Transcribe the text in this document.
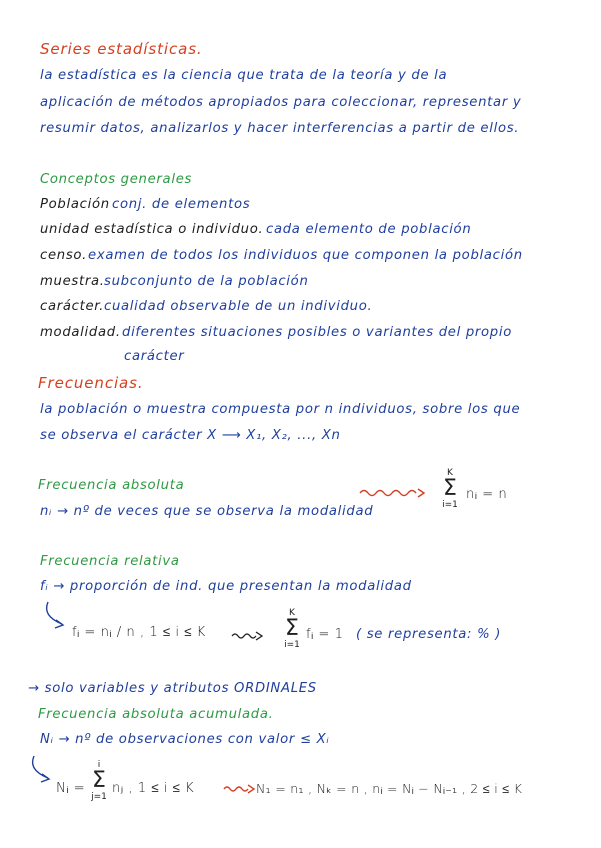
Series estadísticas.
la estadística es la ciencia que trata de la teoría y de la
aplicación de métodos apropiados para coleccionar, representar y
resumir datos, analizarlos y hacer interferencias a partir de ellos.
Conceptos generales
Población conj. de elementos
unidad estadística o individuo. cada elemento de población
censo. examen de todos los individuos que componen la población
muestra. subconjunto de la población
carácter. cualidad observable de un individuo.
modalidad. diferentes situaciones posibles o variantes del propio
carácter
Frecuencias.
la población o muestra compuesta por n individuos, sobre los que
se observa el carácter X ⟶ X₁, X₂, ..., Xn
Frecuencia absoluta
nᵢ → nº de veces que se observa la modalidad
K
Σ
i=1
nᵢ = n
Frecuencia relativa
fᵢ → proporción de ind. que presentan la modalidad
fᵢ = nᵢ / n , 1 ≤ i ≤ K
K
Σ
i=1
fᵢ = 1 ( se representa: % )
→ solo variables y atributos ORDINALES
Frecuencia absoluta acumulada.
Nᵢ → nº de observaciones con valor ≤ Xᵢ
Nᵢ =
i
Σ
j=1
nⱼ , 1 ≤ i ≤ K	N₁ = n₁ , Nₖ = n , nᵢ = Nᵢ − Nᵢ₋₁ , 2 ≤ i ≤ K
